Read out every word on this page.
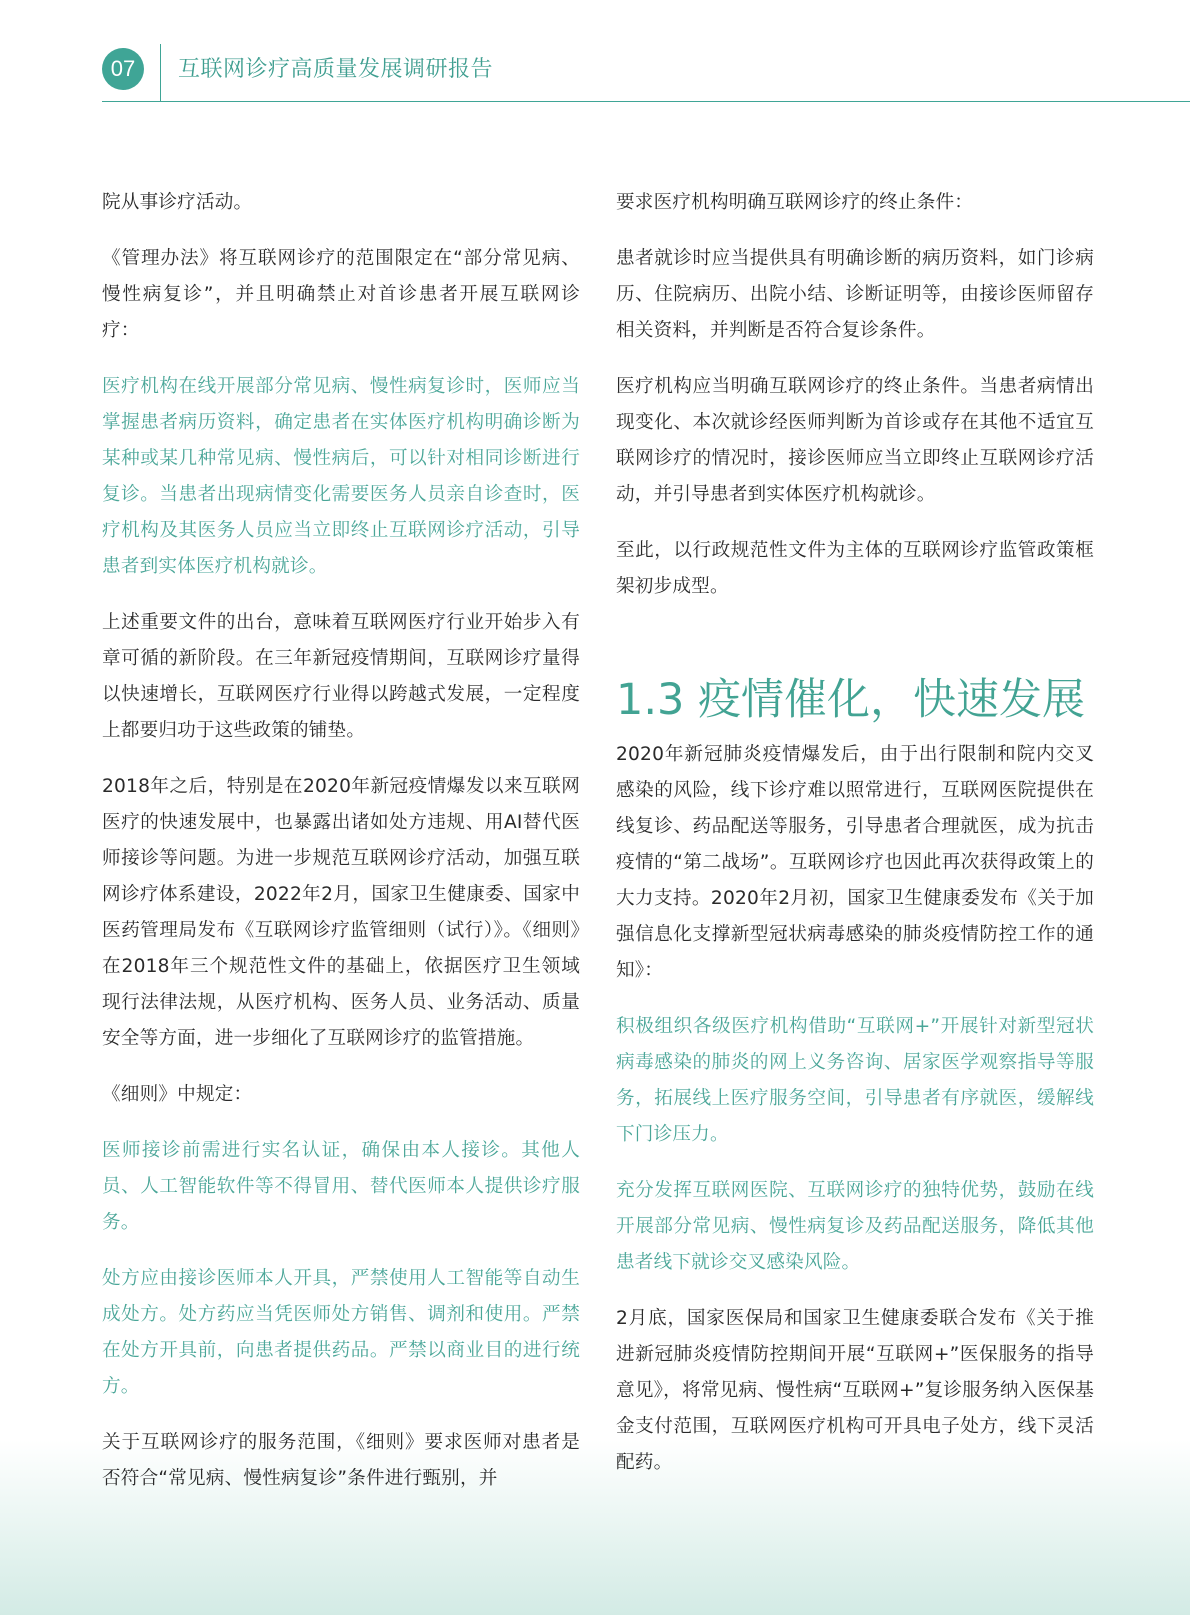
07	互联网诊疗高质量发展调研报告

院从事诊疗活动。

《管理办法》将互联网诊疗的范围限定在“部分常见病、慢性病复诊”，并且明确禁止对首诊患者开展互联网诊疗：

医疗机构在线开展部分常见病、慢性病复诊时，医师应当掌握患者病历资料，确定患者在实体医疗机构明确诊断为某种或某几种常见病、慢性病后，可以针对相同诊断进行复诊。当患者出现病情变化需要医务人员亲自诊查时，医疗机构及其医务人员应当立即终止互联网诊疗活动，引导患者到实体医疗机构就诊。

上述重要文件的出台，意味着互联网医疗行业开始步入有章可循的新阶段。在三年新冠疫情期间，互联网诊疗量得以快速增长，互联网医疗行业得以跨越式发展，一定程度上都要归功于这些政策的铺垫。

2018年之后，特别是在2020年新冠疫情爆发以来互联网医疗的快速发展中，也暴露出诸如处方违规、用AI替代医师接诊等问题。为进一步规范互联网诊疗活动，加强互联网诊疗体系建设，2022年2月，国家卫生健康委、国家中医药管理局发布《互联网诊疗监管细则（试行）》。《细则》在2018年三个规范性文件的基础上，依据医疗卫生领域现行法律法规，从医疗机构、医务人员、业务活动、质量安全等方面，进一步细化了互联网诊疗的监管措施。

《细则》中规定：

医师接诊前需进行实名认证，确保由本人接诊。其他人员、人工智能软件等不得冒用、替代医师本人提供诊疗服务。

处方应由接诊医师本人开具，严禁使用人工智能等自动生成处方。处方药应当凭医师处方销售、调剂和使用。严禁在处方开具前，向患者提供药品。严禁以商业目的进行统方。

关于互联网诊疗的服务范围，《细则》要求医师对患者是否符合“常见病、慢性病复诊”条件进行甄别，并

要求医疗机构明确互联网诊疗的终止条件：

患者就诊时应当提供具有明确诊断的病历资料，如门诊病历、住院病历、出院小结、诊断证明等，由接诊医师留存相关资料，并判断是否符合复诊条件。

医疗机构应当明确互联网诊疗的终止条件。当患者病情出现变化、本次就诊经医师判断为首诊或存在其他不适宜互联网诊疗的情况时，接诊医师应当立即终止互联网诊疗活动，并引导患者到实体医疗机构就诊。

至此，以行政规范性文件为主体的互联网诊疗监管政策框架初步成型。

1.3 疫情催化，快速发展

2020年新冠肺炎疫情爆发后，由于出行限制和院内交叉感染的风险，线下诊疗难以照常进行，互联网医院提供在线复诊、药品配送等服务，引导患者合理就医，成为抗击疫情的“第二战场”。互联网诊疗也因此再次获得政策上的大力支持。2020年2月初，国家卫生健康委发布《关于加强信息化支撑新型冠状病毒感染的肺炎疫情防控工作的通知》：

积极组织各级医疗机构借助“互联网+”开展针对新型冠状病毒感染的肺炎的网上义务咨询、居家医学观察指导等服务，拓展线上医疗服务空间，引导患者有序就医，缓解线下门诊压力。

充分发挥互联网医院、互联网诊疗的独特优势，鼓励在线开展部分常见病、慢性病复诊及药品配送服务，降低其他患者线下就诊交叉感染风险。

2月底，国家医保局和国家卫生健康委联合发布《关于推进新冠肺炎疫情防控期间开展“互联网+”医保服务的指导意见》，将常见病、慢性病“互联网+”复诊服务纳入医保基金支付范围，互联网医疗机构可开具电子处方，线下灵活配药。
